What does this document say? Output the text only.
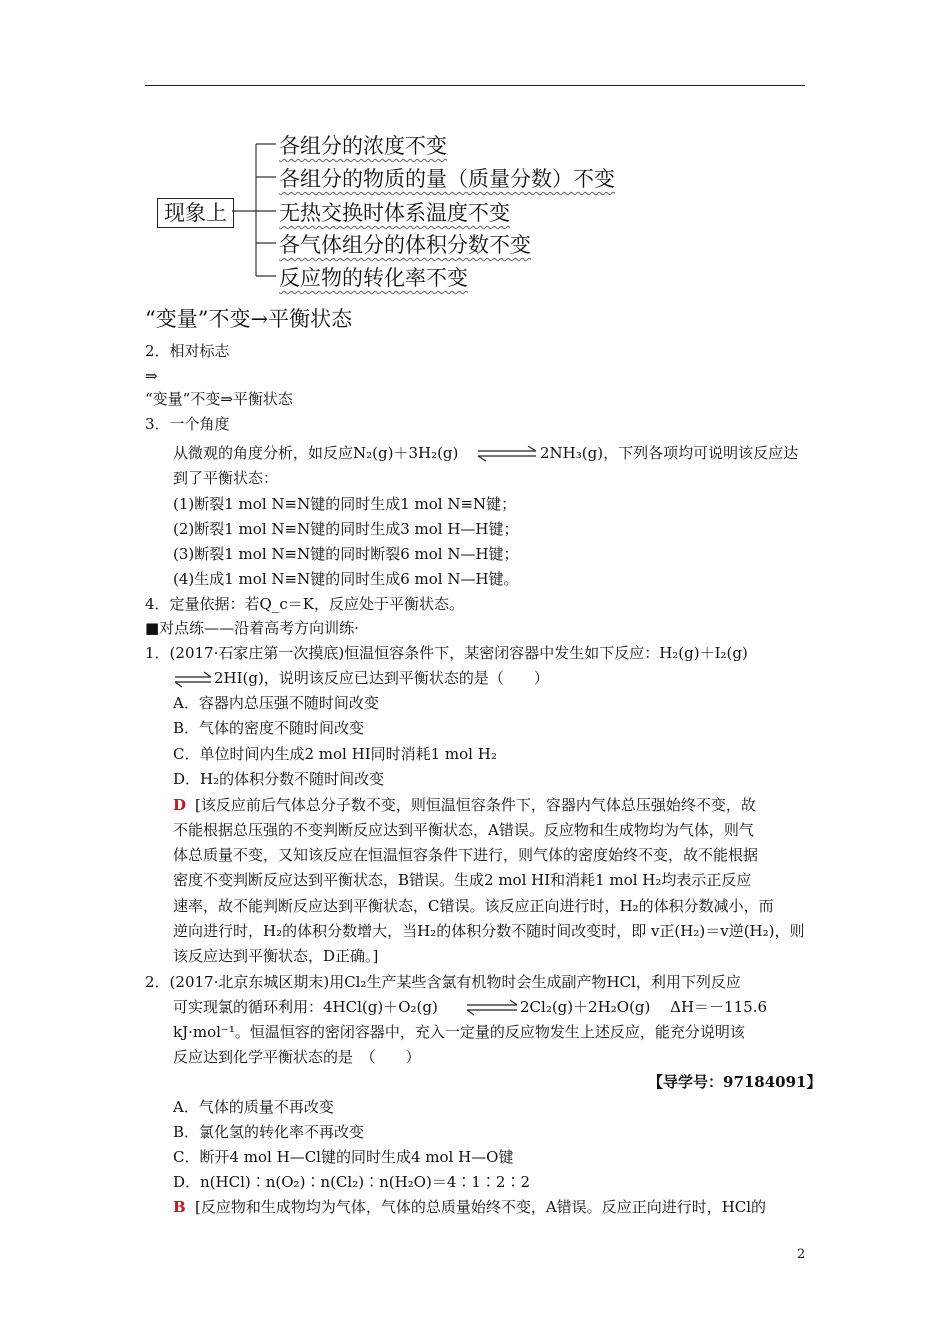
现象上
各组分的浓度不变
各组分的物质的量（质量分数）不变
无热交换时体系温度不变
各气体组分的体积分数不变
反应物的转化率不变
“变量”不变→平衡状态
2．相对标志
⇒
“变量”不变⇒平衡状态
3．一个角度
从微观的角度分析，如反应N₂(g)＋3H₂(g) ⇌ 2NH₃(g)，下列各项均可说明该反应达
到了平衡状态：
(1)断裂1 mol N≡N键的同时生成1 mol N≡N键；
(2)断裂1 mol N≡N键的同时生成3 mol H—H键；
(3)断裂1 mol N≡N键的同时断裂6 mol N—H键；
(4)生成1 mol N≡N键的同时生成6 mol N—H键。
4．定量依据：若Q_c＝K，反应处于平衡状态。
■对点练——沿着高考方向训练·
1．(2017·石家庄第一次摸底)恒温恒容条件下，某密闭容器中发生如下反应：H₂(g)＋I₂(g)
⇌ 2HI(g)，说明该反应已达到平衡状态的是（　　）
A．容器内总压强不随时间改变
B．气体的密度不随时间改变
C．单位时间内生成2 mol HI同时消耗1 mol H₂
D．H₂的体积分数不随时间改变
D [该反应前后气体总分子数不变，则恒温恒容条件下，容器内气体总压强始终不变，故
不能根据总压强的不变判断反应达到平衡状态，A错误。反应物和生成物均为气体，则气
体总质量不变，又知该反应在恒温恒容条件下进行，则气体的密度始终不变，故不能根据
密度不变判断反应达到平衡状态，B错误。生成2 mol HI和消耗1 mol H₂均表示正反应
速率，故不能判断反应达到平衡状态，C错误。该反应正向进行时，H₂的体积分数减小，而
逆向进行时，H₂的体积分数增大，当H₂的体积分数不随时间改变时，即 v正(H₂)＝v逆(H₂)，则
该反应达到平衡状态，D正确。]
2．(2017·北京东城区期末)用Cl₂生产某些含氯有机物时会生成副产物HCl，利用下列反应
可实现氯的循环利用：4HCl(g)＋O₂(g) ⇌ 2Cl₂(g)＋2H₂O(g)　 ΔH＝－115.6
kJ·mol⁻¹。恒温恒容的密闭容器中，充入一定量的反应物发生上述反应，能充分说明该
反应达到化学平衡状态的是　（　　）
【导学号：97184091】
A．气体的质量不再改变
B．氯化氢的转化率不再改变
C．断开4 mol H—Cl键的同时生成4 mol H—O键
D．n(HCl)∶n(O₂)∶n(Cl₂)∶n(H₂O)＝4∶1∶2∶2
B [反应物和生成物均为气体，气体的总质量始终不变，A错误。反应正向进行时，HCl的
2
